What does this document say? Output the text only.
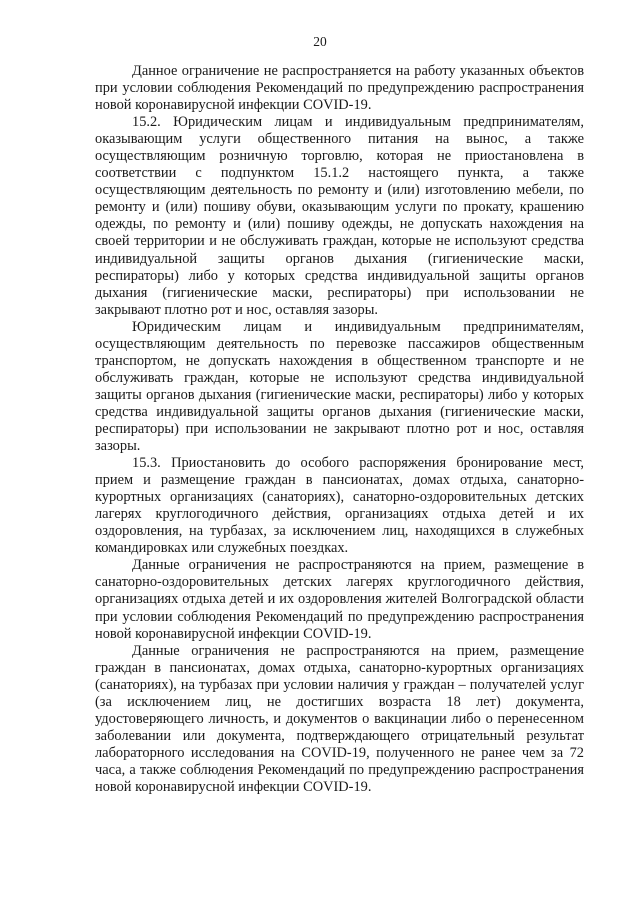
20

Данное ограничение не распространяется на работу указанных объектов при условии соблюдения Рекомендаций по предупреждению распространения новой коронавирусной инфекции COVID-19.

15.2. Юридическим лицам и индивидуальным предпринимателям, оказывающим услуги общественного питания на вынос, а также осуществляющим розничную торговлю, которая не приостановлена в соответствии с подпунктом 15.1.2 настоящего пункта, а также осуществляющим деятельность по ремонту и (или) изготовлению мебели, по ремонту и (или) пошиву обуви, оказывающим услуги по прокату, крашению одежды, по ремонту и (или) пошиву одежды, не допускать нахождения на своей территории и не обслуживать граждан, которые не используют средства индивидуальной защиты органов дыхания (гигиенические маски, респираторы) либо у которых средства индивидуальной защиты органов дыхания (гигиенические маски, респираторы) при использовании не закрывают плотно рот и нос, оставляя зазоры.

Юридическим лицам и индивидуальным предпринимателям, осуществляющим деятельность по перевозке пассажиров общественным транспортом, не допускать нахождения в общественном транспорте и не обслуживать граждан, которые не используют средства индивидуальной защиты органов дыхания (гигиенические маски, респираторы) либо у которых средства индивидуальной защиты органов дыхания (гигиенические маски, респираторы) при использовании не закрывают плотно рот и нос, оставляя зазоры.

15.3. Приостановить до особого распоряжения бронирование мест, прием и размещение граждан в пансионатах, домах отдыха, санаторно-курортных организациях (санаториях), санаторно-оздоровительных детских лагерях круглогодичного действия, организациях отдыха детей и их оздоровления, на турбазах, за исключением лиц, находящихся в служебных командировках или служебных поездках.

Данные ограничения не распространяются на прием, размещение в санаторно-оздоровительных детских лагерях круглогодичного действия, организациях отдыха детей и их оздоровления жителей Волгоградской области при условии соблюдения Рекомендаций по предупреждению распространения новой коронавирусной инфекции COVID-19.

Данные ограничения не распространяются на прием, размещение граждан в пансионатах, домах отдыха, санаторно-курортных организациях (санаториях), на турбазах при условии наличия у граждан – получателей услуг (за исключением лиц, не достигших возраста 18 лет) документа, удостоверяющего личность, и документов о вакцинации либо о перенесенном заболевании или документа, подтверждающего отрицательный результат лабораторного исследования на COVID-19, полученного не ранее чем за 72 часа, а также соблюдения Рекомендаций по предупреждению распространения новой коронавирусной инфекции COVID-19.
